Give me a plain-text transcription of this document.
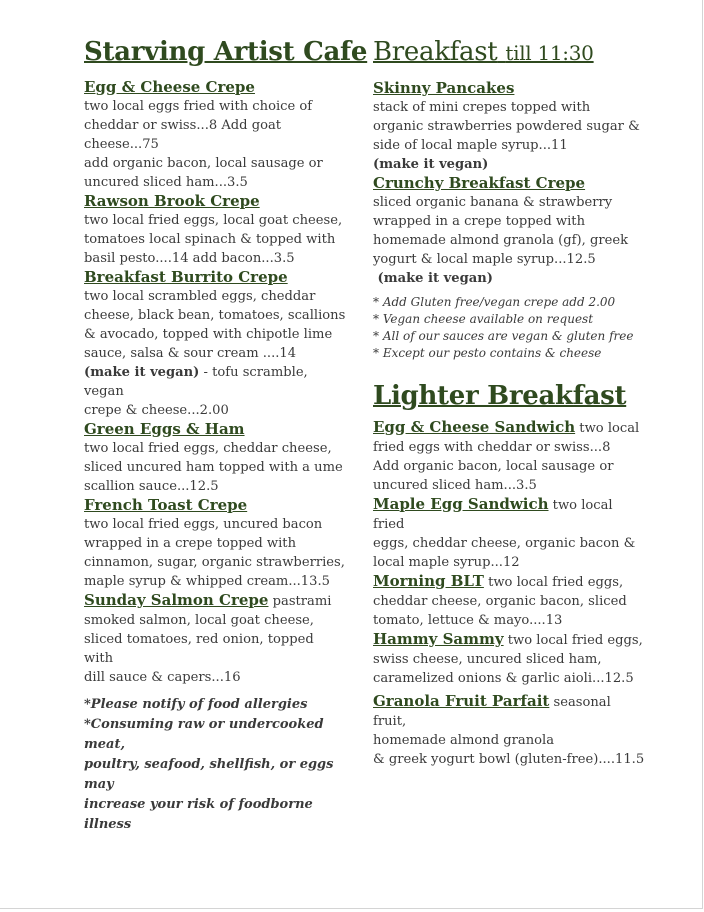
Starving Artist Cafe
Egg & Cheese Crepe
two local eggs fried with choice of
cheddar or swiss...8 Add goat cheese...75
add organic bacon, local sausage or
uncured sliced ham...3.5
Rawson Brook Crepe
two local fried eggs, local goat cheese,
tomatoes local spinach & topped with
basil pesto....14 add bacon...3.5
Breakfast Burrito Crepe
two local scrambled eggs, cheddar
cheese, black bean, tomatoes, scallions
& avocado, topped with chipotle lime
sauce, salsa & sour cream ....14
(make it vegan) - tofu scramble, vegan
crepe & cheese...2.00
Green Eggs & Ham
two local fried eggs, cheddar cheese,
sliced uncured ham topped with a ume
scallion sauce...12.5
French Toast Crepe
two local fried eggs, uncured bacon
wrapped in a crepe topped with
cinnamon, sugar, organic strawberries,
maple syrup & whipped cream...13.5
Sunday Salmon Crepe pastrami
smoked salmon, local goat cheese,
sliced tomatoes, red onion, topped with
dill sauce & capers...16
*Please notify of food allergies
*Consuming raw or undercooked meat,
poultry, seafood, shellfish, or eggs may
increase your risk of foodborne illness
Breakfast till 11:30
Skinny Pancakes
stack of mini crepes topped with
organic strawberries powdered sugar &
side of local maple syrup...11
(make it vegan)
Crunchy Breakfast Crepe
sliced organic banana & strawberry
wrapped in a crepe topped with
homemade almond granola (gf), greek
yogurt & local maple syrup...12.5
(make it vegan)
* Add Gluten free/vegan crepe add 2.00
* Vegan cheese available on request
* All of our sauces are vegan & gluten free
* Except our pesto contains & cheese
Lighter Breakfast
Egg & Cheese Sandwich two local
fried eggs with cheddar or swiss...8
Add organic bacon, local sausage or
uncured sliced ham...3.5
Maple Egg Sandwich two local fried
eggs, cheddar cheese, organic bacon &
local maple syrup...12
Morning BLT two local fried eggs,
cheddar cheese, organic bacon, sliced
tomato, lettuce & mayo....13
Hammy Sammy two local fried eggs,
swiss cheese, uncured sliced ham,
caramelized onions & garlic aioli...12.5
Granola Fruit Parfait seasonal fruit,
homemade almond granola
& greek yogurt bowl (gluten-free)....11.5
